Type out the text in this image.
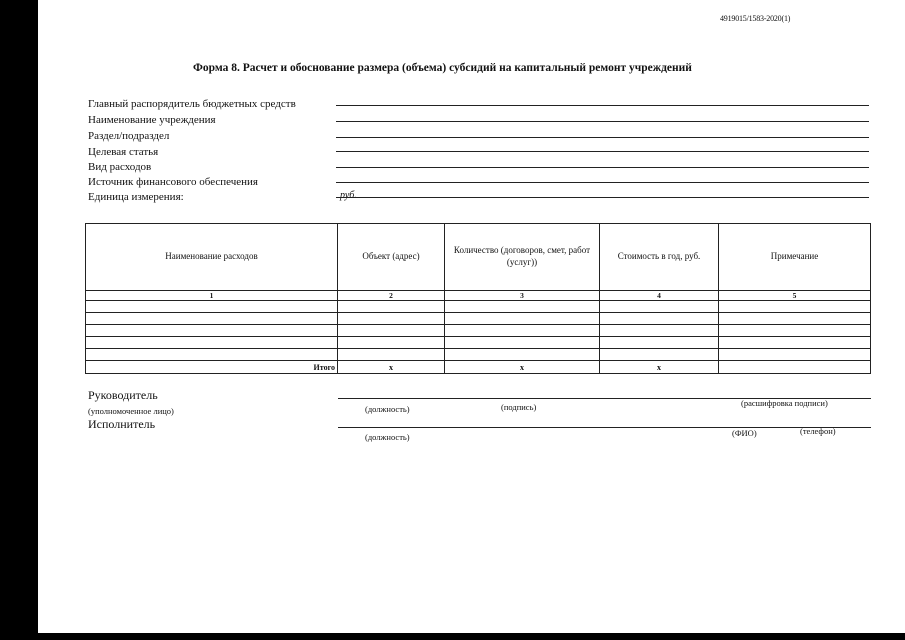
4919015/1583-2020(1)
Форма 8. Расчет и обоснование размера (объема) субсидий на капитальный ремонт учреждений
Главный распорядитель бюджетных средств
Наименование учреждения
Раздел/подраздел
Целевая статья
Вид расходов
Источник финансового обеспечения
Единица измерения:	руб.
Наименование расходов	Объект (адрес)	Количество (договоров, смет, работ (услуг))	Стоимость в год, руб.	Примечание
1	2	3	4	5

Итого	x	x	x	
Руководитель
(уполномоченное лицо)	(должность)	(подпись)	(расшифровка подписи)
Исполнитель
(должность)	(ФИО)	(телефон)
